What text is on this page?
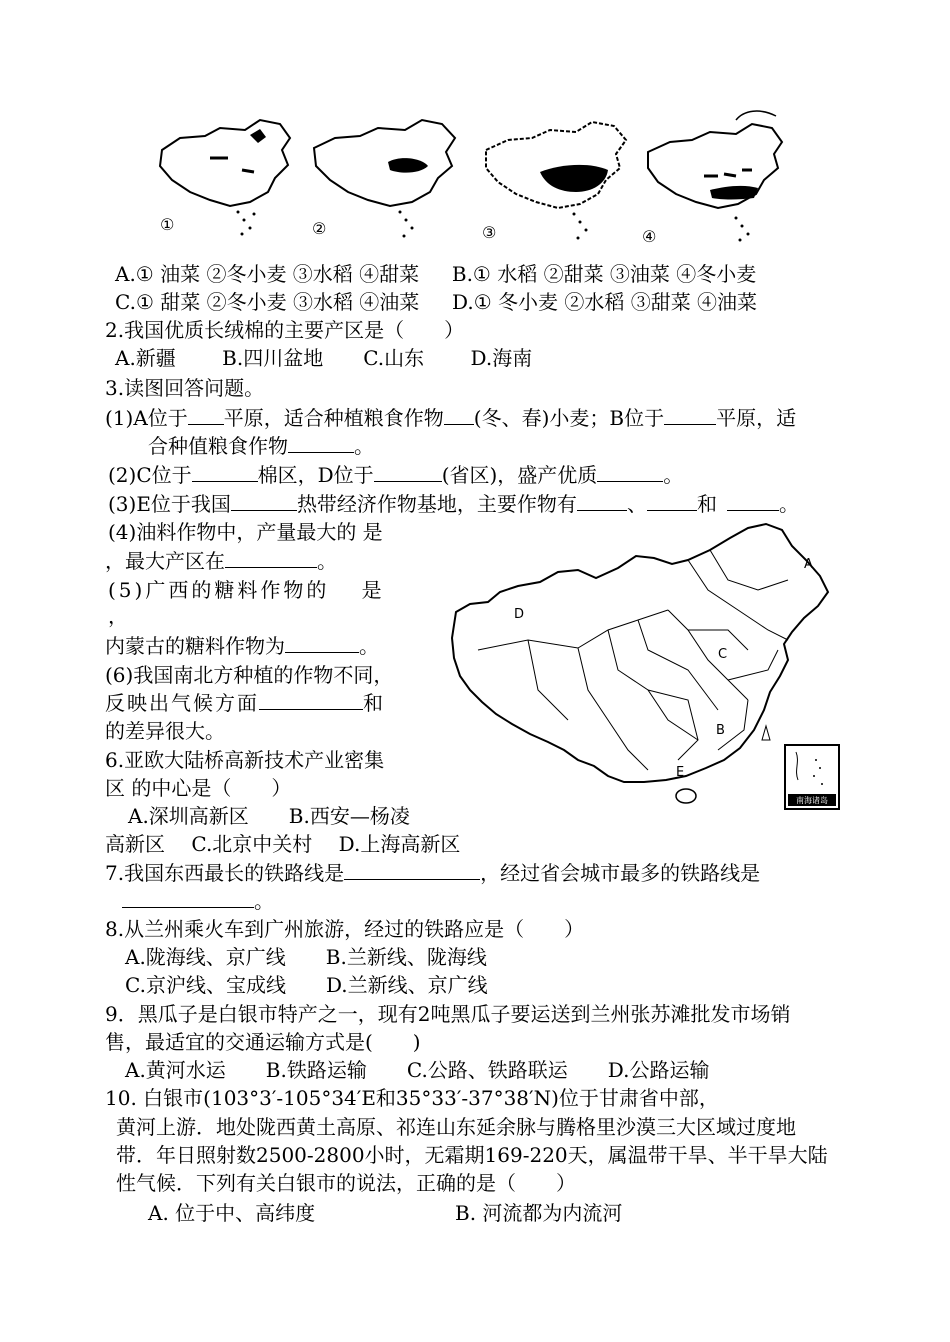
①	②	③	④
A.① 油菜 ②冬小麦 ③水稻 ④甜菜 　 B.① 水稻 ②甜菜 ③油菜 ④冬小麦
C.① 甜菜 ②冬小麦 ③水稻 ④油菜 　 D.① 冬小麦 ②水稻 ③甜菜 ④油菜
2.我国优质长绒棉的主要产区是（　　）
A.新疆　　 B.四川盆地　　C.山东　　 D.海南
3.读图回答问题。
(1)A位于 平原，适合种植粮食作物 (冬、春)小麦；B位于	平原，适
合种值粮食作物	。
(2)C位于	棉区，D位于	(省区)，盛产优质	。
(3)E位于我国	热带经济作物基地，主要作物有	、	和	。
(4)油料作物中，产量最大的 是
，最大产区在	。
(5)广西的糖料作物的　 是
，
内蒙古的糖料作物为	。
(6)我国南北方种植的作物不同，
反映出气候方面	和
的差异很大。
A
B
C
D
E
南海诸岛
6.亚欧大陆桥高新技术产业密集
区 的中心是（　　）
A.深圳高新区　　B.西安—杨凌
高新区　 C.北京中关村　 D.上海高新区
7.我国东西最长的铁路线是	，经过省会城市最多的铁路线是
。
8.从兰州乘火车到广州旅游，经过的铁路应是（　　）
A.陇海线、京广线　　B.兰新线、陇海线
C.京沪线、宝成线　　D.兰新线、京广线
9．黑瓜子是白银市特产之一，现有2吨黑瓜子要运送到兰州张苏滩批发市场销
售，最适宜的交通运输方式是(　　)
A.黄河水运　　B.铁路运输　　C.公路、铁路联运　　D.公路运输
10. 白银市(103°3′-105°34′E和35°33′-37°38′N)位于甘肃省中部，
黄河上游．地处陇西黄土高原、祁连山东延余脉与腾格里沙漠三大区域过度地
带．年日照射数2500-2800小时，无霜期169-220天，属温带干旱、半干旱大陆
性气候．下列有关白银市的说法，正确的是（　　）
A. 位于中、高纬度	B. 河流都为内流河
